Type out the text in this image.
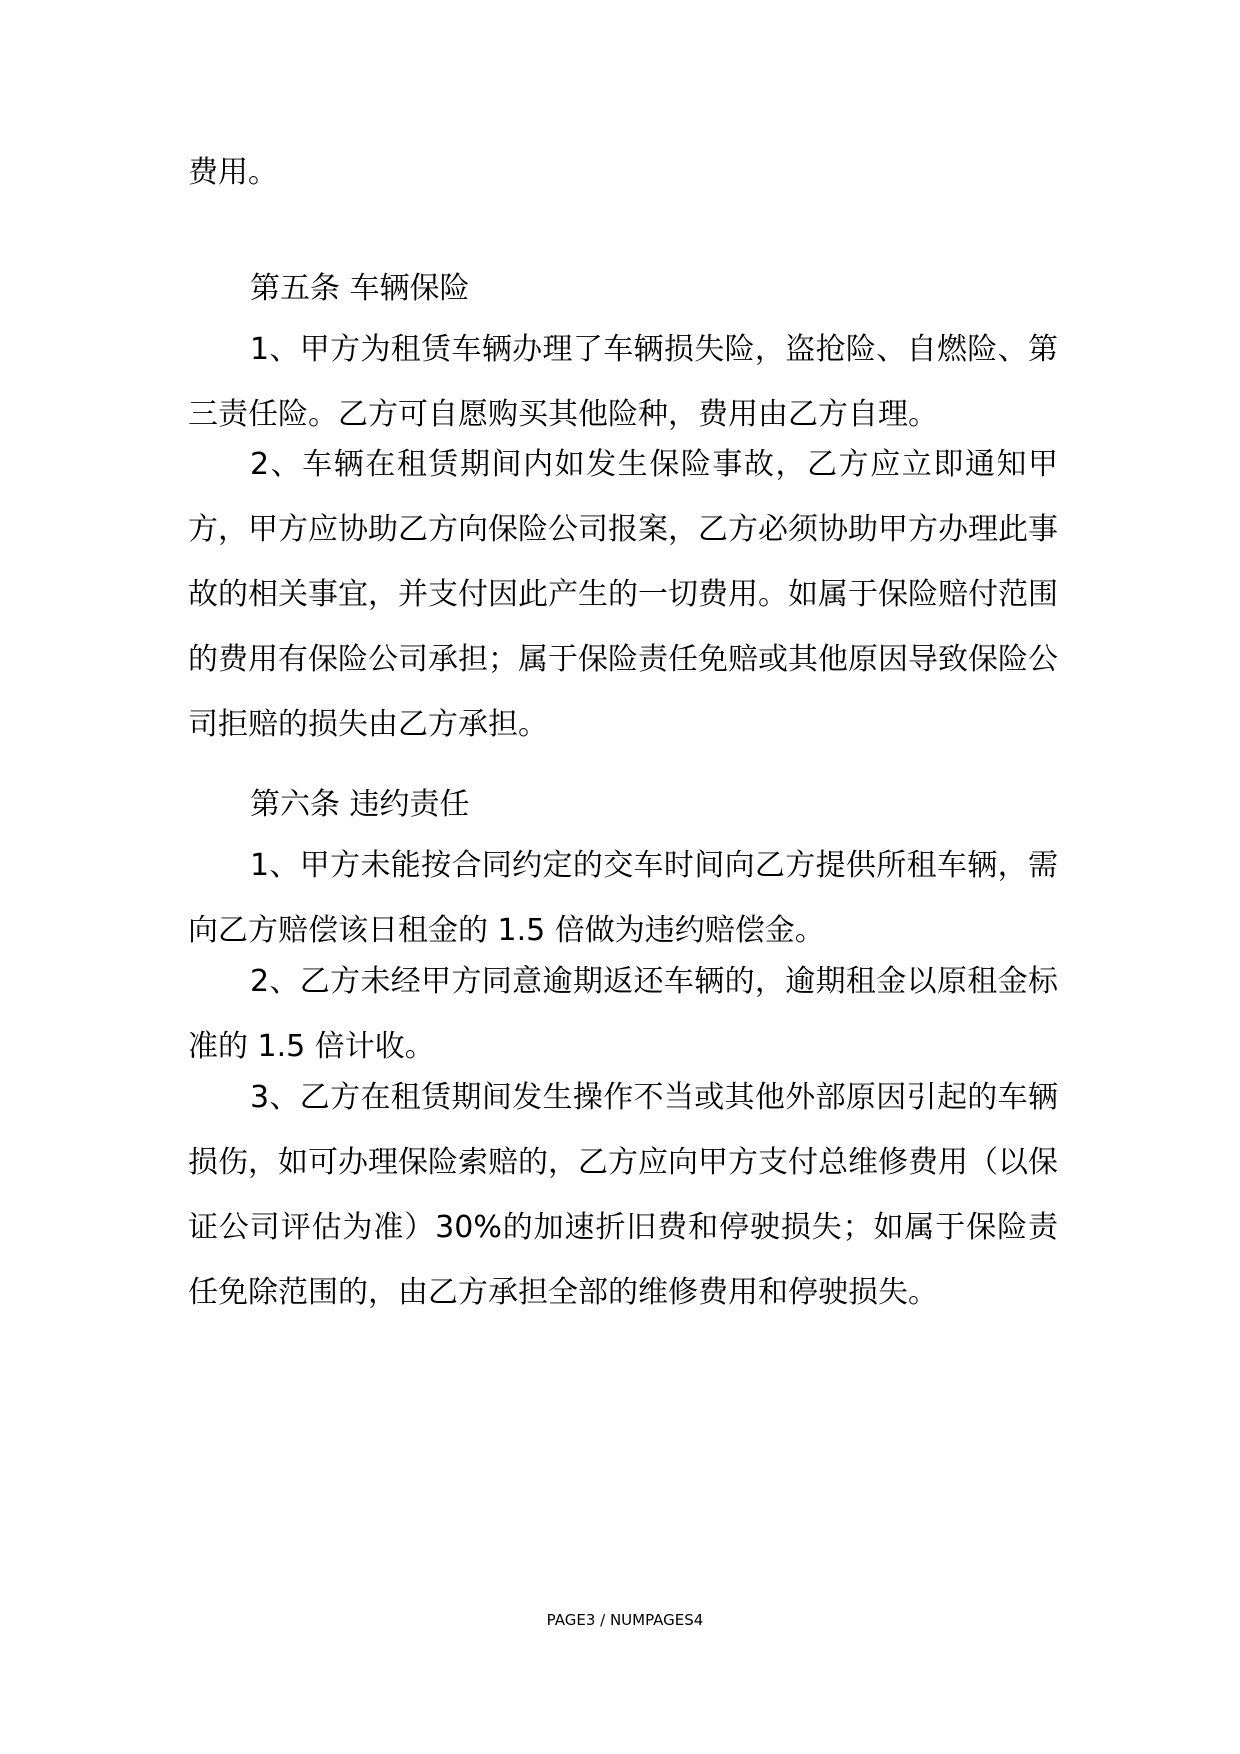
费用。

第五条 车辆保险

1、甲方为租赁车辆办理了车辆损失险，盗抢险、自燃险、第三责任险。乙方可自愿购买其他险种，费用由乙方自理。

2、车辆在租赁期间内如发生保险事故，乙方应立即通知甲方，甲方应协助乙方向保险公司报案，乙方必须协助甲方办理此事故的相关事宜，并支付因此产生的一切费用。如属于保险赔付范围的费用有保险公司承担；属于保险责任免赔或其他原因导致保险公司拒赔的损失由乙方承担。

第六条 违约责任

1、甲方未能按合同约定的交车时间向乙方提供所租车辆，需向乙方赔偿该日租金的 1.5 倍做为违约赔偿金。

2、乙方未经甲方同意逾期返还车辆的，逾期租金以原租金标准的 1.5 倍计收。

3、乙方在租赁期间发生操作不当或其他外部原因引起的车辆损伤，如可办理保险索赔的，乙方应向甲方支付总维修费用（以保证公司评估为准）30%的加速折旧费和停驶损失；如属于保险责任免除范围的，由乙方承担全部的维修费用和停驶损失。

PAGE3 / NUMPAGES4
